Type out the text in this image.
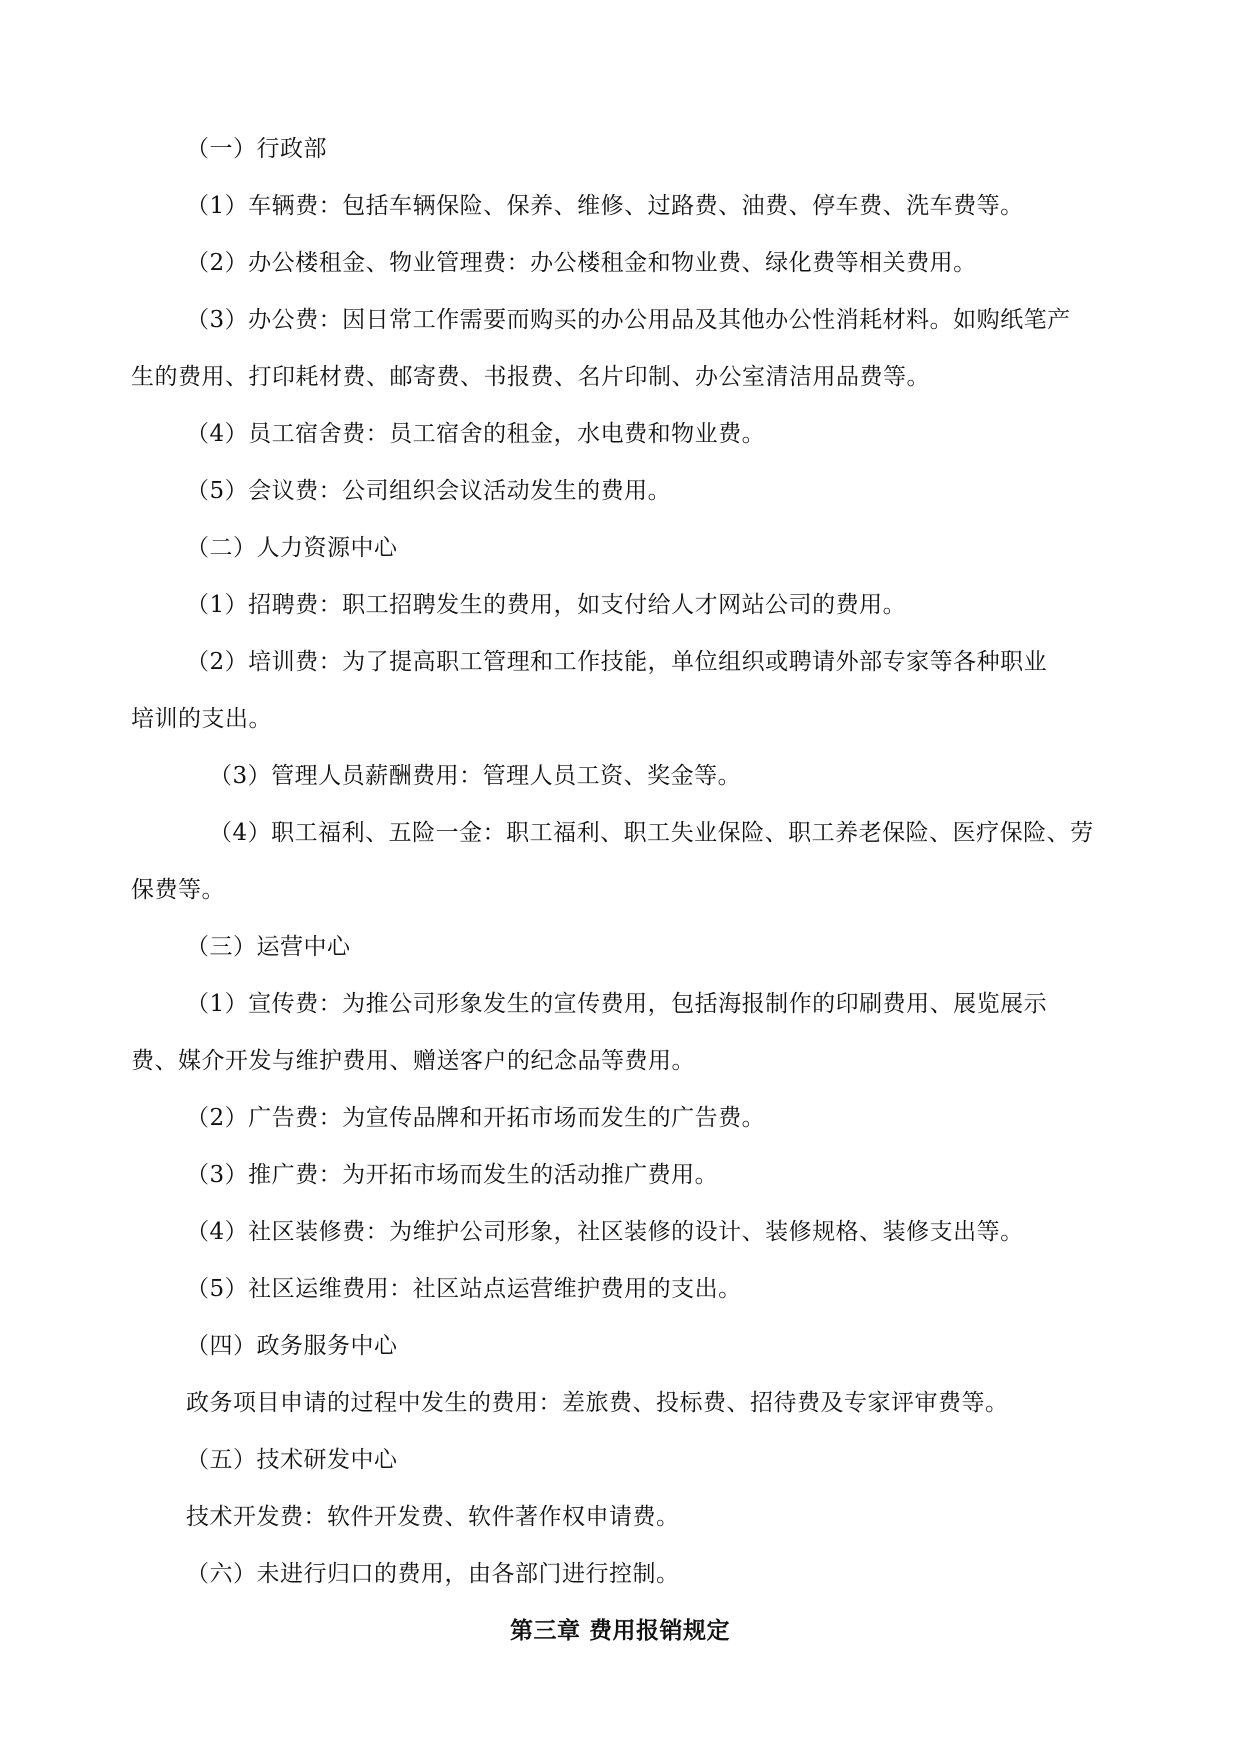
（一）行政部
（1）车辆费：包括车辆保险、保养、维修、过路费、油费、停车费、洗车费等。
（2）办公楼租金、物业管理费：办公楼租金和物业费、绿化费等相关费用。
（3）办公费：因日常工作需要而购买的办公用品及其他办公性消耗材料。如购纸笔产
生的费用、打印耗材费、邮寄费、书报费、名片印制、办公室清洁用品费等。
（4）员工宿舍费：员工宿舍的租金，水电费和物业费。
（5）会议费：公司组织会议活动发生的费用。
（二）人力资源中心
（1）招聘费：职工招聘发生的费用，如支付给人才网站公司的费用。
（2）培训费：为了提高职工管理和工作技能，单位组织或聘请外部专家等各种职业
培训的支出。
（3）管理人员薪酬费用：管理人员工资、奖金等。
（4）职工福利、五险一金：职工福利、职工失业保险、职工养老保险、医疗保险、劳
保费等。
（三）运营中心
（1）宣传费：为推公司形象发生的宣传费用，包括海报制作的印刷费用、展览展示
费、媒介开发与维护费用、赠送客户的纪念品等费用。
（2）广告费：为宣传品牌和开拓市场而发生的广告费。
（3）推广费：为开拓市场而发生的活动推广费用。
（4）社区装修费：为维护公司形象，社区装修的设计、装修规格、装修支出等。
（5）社区运维费用：社区站点运营维护费用的支出。
（四）政务服务中心
政务项目申请的过程中发生的费用：差旅费、投标费、招待费及专家评审费等。
（五）技术研发中心
技术开发费：软件开发费、软件著作权申请费。
（六）未进行归口的费用，由各部门进行控制。
第三章 费用报销规定
